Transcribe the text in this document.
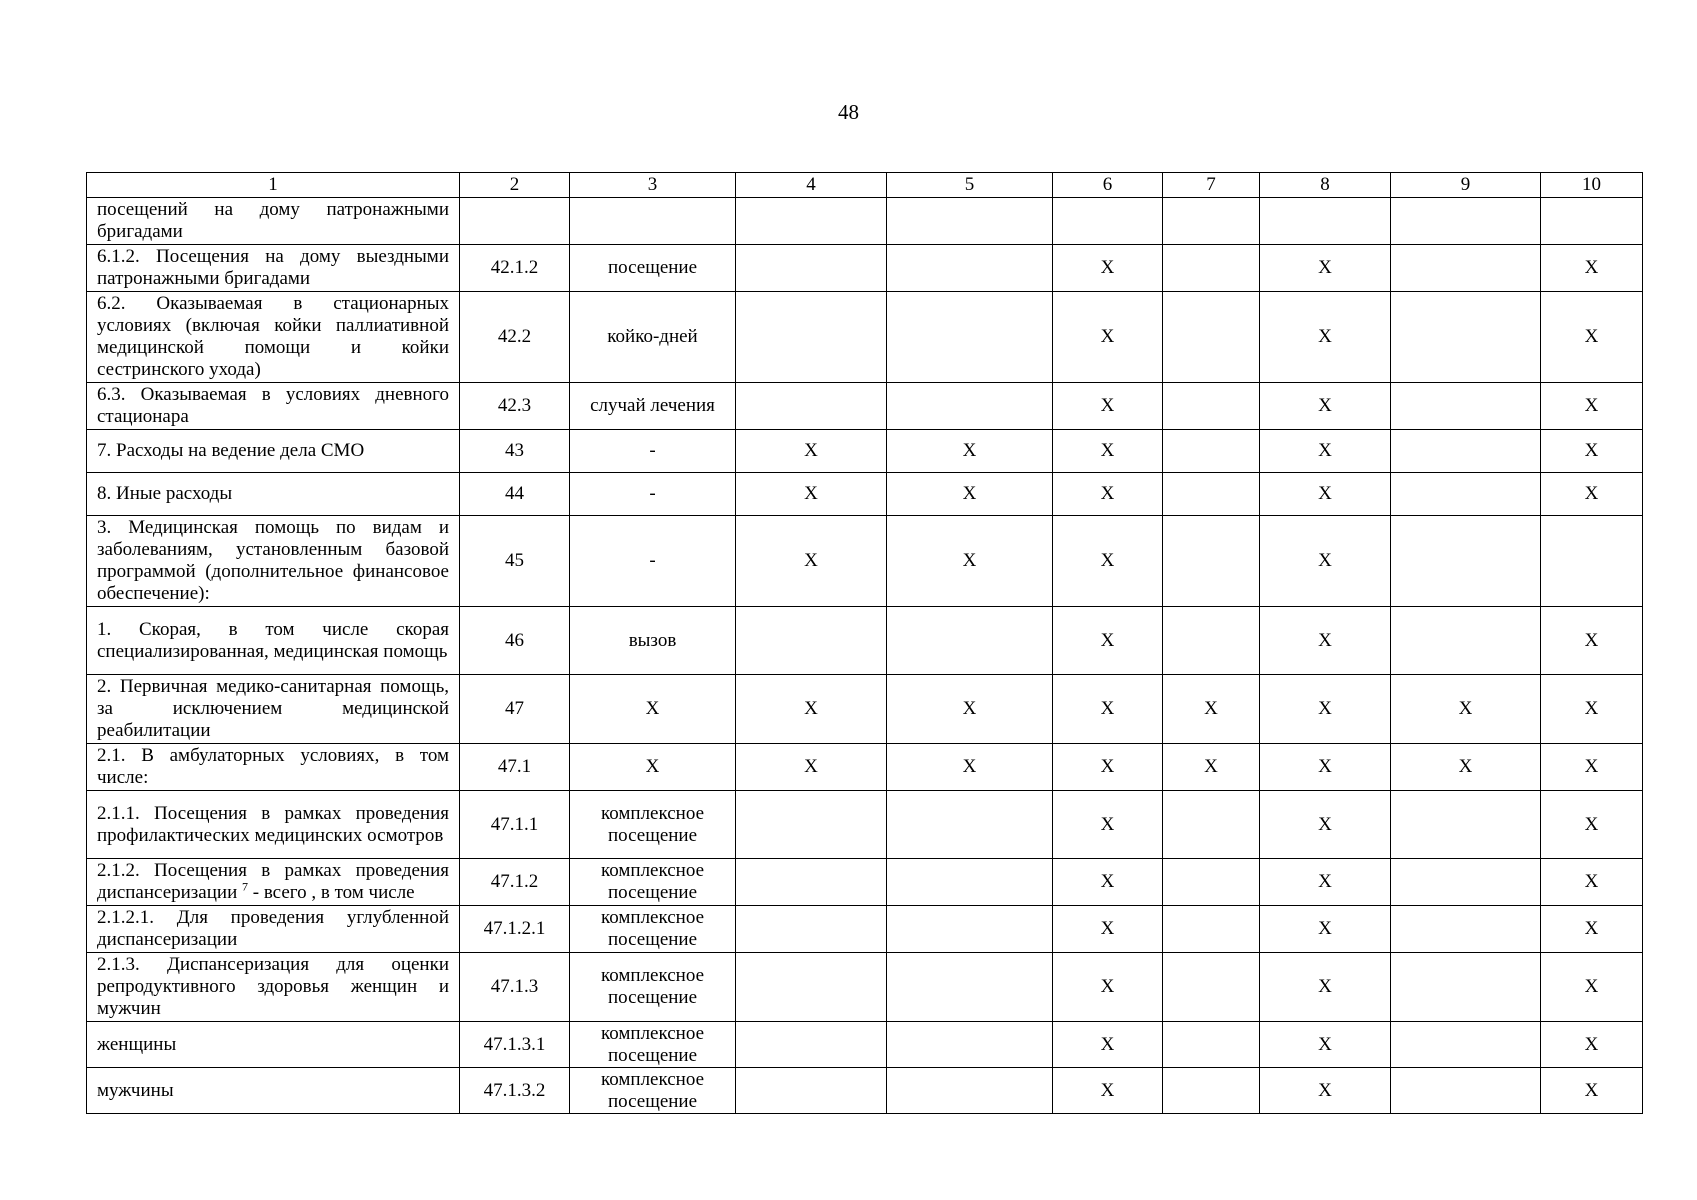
48
1	2	3	4	5	6	7	8	9	10
посещений на дому патронажными бригадами									
6.1.2. Посещения на дому выездными патронажными бригадами	42.1.2	посещение			X		X		X
6.2. Оказываемая в стационарных условиях (включая койки паллиативной медицинской помощи и койки сестринского ухода)	42.2	койко-дней			X		X		X
6.3. Оказываемая в условиях дневного стационара	42.3	случай лечения			X		X		X
7. Расходы на ведение дела СМО	43	-	X	X	X		X		X
8. Иные расходы	44	-	X	X	X		X		X
3. Медицинская помощь по видам и заболеваниям, установленным базовой программой (дополнительное финансовое обеспечение):	45	-	X	X	X		X		
1. Скорая, в том числе скорая специализированная, медицинская помощь	46	вызов			X		X		X
2. Первичная медико-санитарная помощь, за исключением медицинской реабилитации	47	X	X	X	X	X	X	X	X
2.1. В амбулаторных условиях, в том числе:	47.1	X	X	X	X	X	X	X	X
2.1.1. Посещения в рамках проведения профилактических медицинских осмотров	47.1.1	комплексное посещение			X		X		X
2.1.2. Посещения в рамках проведения диспансеризации $^7$ - всего , в том числе	47.1.2	комплексное посещение			X		X		X
2.1.2.1. Для проведения углубленной диспансеризации	47.1.2.1	комплексное посещение			X		X		X
2.1.3. Диспансеризация для оценки репродуктивного здоровья женщин и мужчин	47.1.3	комплексное посещение			X		X		X
женщины	47.1.3.1	комплексное посещение			X		X		X
мужчины	47.1.3.2	комплексное посещение			X		X		X
